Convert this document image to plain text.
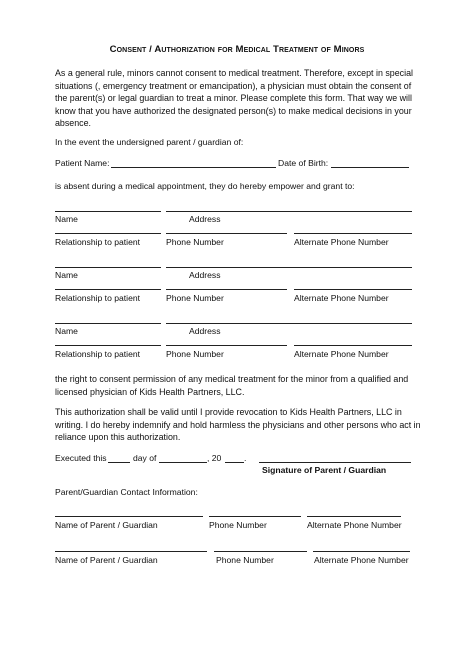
Consent / Authorization for Medical Treatment of Minors
As a general rule, minors cannot consent to medical treatment. Therefore, except in special situations (, emergency treatment or emancipation), a physician must obtain the consent of the parent(s) or legal guardian to treat a minor. Please complete this form. That way we will know that you have authorized the designated person(s) to make medical decisions in your absence.
In the event the undersigned parent / guardian of:
Patient Name:	Date of Birth:
is absent during a medical appointment, they do hereby empower and grant to:
Name	Address
Relationship to patient	Phone Number	Alternate Phone Number
Name	Address
Relationship to patient	Phone Number	Alternate Phone Number
Name	Address
Relationship to patient	Phone Number	Alternate Phone Number
the right to consent permission of any medical treatment for the minor from a qualified and licensed physician of Kids Health Partners, LLC.
This authorization shall be valid until I provide revocation to Kids Health Partners, LLC in writing. I do hereby indemnify and hold harmless the physicians and other persons who act in reliance upon this authorization.
Executed this	day of	, 20	.
Signature of Parent / Guardian
Parent/Guardian Contact Information:
Name of Parent / Guardian	Phone Number	Alternate Phone Number
Name of Parent / Guardian	Phone Number	Alternate Phone Number
